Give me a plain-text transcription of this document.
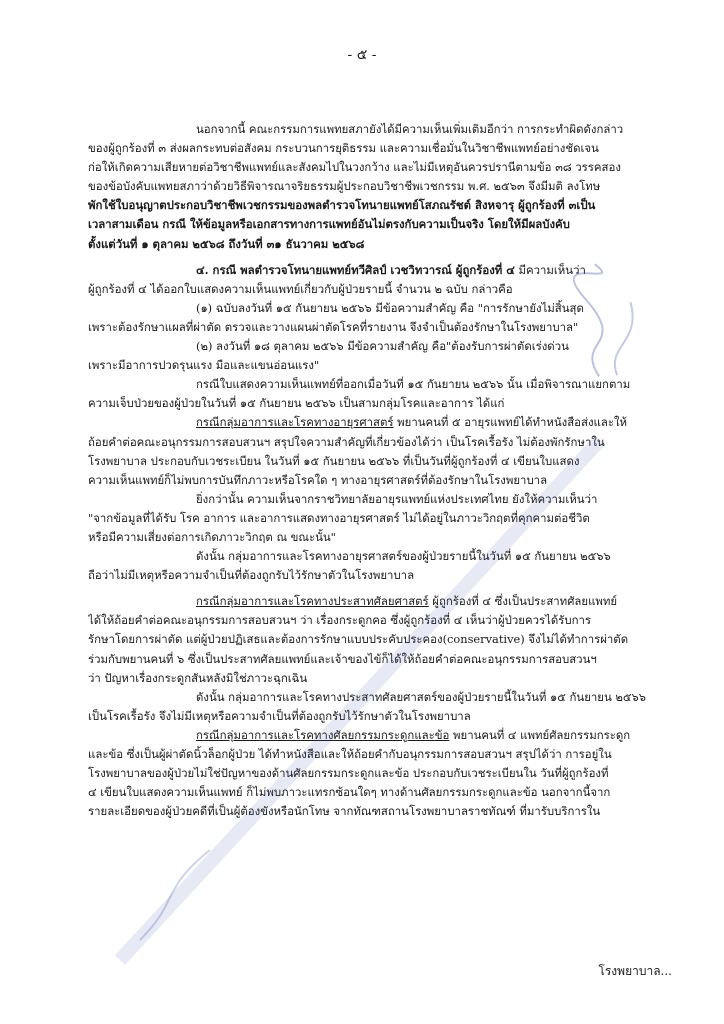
- ๕ -
นอกจากนี้ คณะกรรมการแพทยสภายังได้มีความเห็นเพิ่มเติมอีกว่า การกระทำผิดดังกล่าว
ของผู้ถูกร้องที่ ๓ ส่งผลกระทบต่อสังคม กระบวนการยุติธรรม และความเชื่อมั่นในวิชาชีพแพทย์อย่างชัดเจน
ก่อให้เกิดความเสียหายต่อวิชาชีพแพทย์และสังคมไปในวงกว้าง และไม่มีเหตุอันควรปรานีตามข้อ ๓๘ วรรคสอง
ของข้อบังคับแพทยสภาว่าด้วยวิธีพิจารณาจริยธรรมผู้ประกอบวิชาชีพเวชกรรม พ.ศ. ๒๕๖๓ จึงมีมติ ลงโทษ
พักใช้ใบอนุญาตประกอบวิชาชีพเวชกรรมของพลตำรวจโทนายแพทย์โสภณรัชต์ สิงหจารุ ผู้ถูกร้องที่ ๓เป็น
เวลาสามเดือน กรณี ให้ข้อมูลหรือเอกสารทางการแพทย์อันไม่ตรงกับความเป็นจริง โดยให้มีผลบังคับ
ตั้งแต่วันที่ ๑ ตุลาคม ๒๕๖๘ ถึงวันที่ ๓๑ ธันวาคม ๒๕๖๘
๔. กรณี พลตำรวจโทนายแพทย์ทวีศิลป์ เวชวิทวารณ์ ผู้ถูกร้องที่ ๔ มีความเห็นว่า
ผู้ถูกร้องที่ ๔ ได้ออกใบแสดงความเห็นแพทย์เกี่ยวกับผู้ป่วยรายนี้ จำนวน ๒ ฉบับ กล่าวคือ
(๑) ฉบับลงวันที่ ๑๕ กันยายน ๒๕๖๖ มีข้อความสำคัญ คือ "การรักษายังไม่สิ้นสุด
เพราะต้องรักษาแผลที่ผ่าตัด ตรวจและวางแผนผ่าตัดโรคที่รายงาน จึงจำเป็นต้องรักษาในโรงพยาบาล"
(๒) ลงวันที่ ๑๘ ตุลาคม ๒๕๖๖ มีข้อความสำคัญ คือ"ต้องรับการผ่าตัดเร่งด่วน
เพราะมีอาการปวดรุนแรง มือและแขนอ่อนแรง"
กรณีใบแสดงความเห็นแพทย์ที่ออกเมื่อวันที่ ๑๕ กันยายน ๒๕๖๖ นั้น เมื่อพิจารณาแยกตาม
ความเจ็บป่วยของผู้ป่วยในวันที่ ๑๕ กันยายน ๒๕๖๖ เป็นสามกลุ่มโรคและอาการ ได้แก่
กรณีกลุ่มอาการและโรคทางอายุรศาสตร์ พยานคนที่ ๕ อายุรแพทย์ได้ทำหนังสือส่งและให้
ถ้อยคำต่อคณะอนุกรรมการสอบสวนฯ สรุปใจความสำคัญที่เกี่ยวข้องได้ว่า เป็นโรคเรื้อรัง ไม่ต้องพักรักษาใน
โรงพยาบาล ประกอบกับเวชระเบียน ในวันที่ ๑๕ กันยายน ๒๕๖๖ ที่เป็นวันที่ผู้ถูกร้องที่ ๔ เขียนใบแสดง
ความเห็นแพทย์ก็ไม่พบการบันทึกภาวะหรือโรคใด ๆ ทางอายุรศาสตร์ที่ต้องรักษาในโรงพยาบาล
ยิ่งกว่านั้น ความเห็นจากราชวิทยาลัยอายุรแพทย์แห่งประเทศไทย ยังให้ความเห็นว่า
"จากข้อมูลที่ได้รับ โรค อาการ และอาการแสดงทางอายุรศาสตร์ ไม่ได้อยู่ในภาวะวิกฤตที่คุกคามต่อชีวิต
หรือมีความเสี่ยงต่อการเกิดภาวะวิกฤต ณ ขณะนั้น"
ดังนั้น กลุ่มอาการและโรคทางอายุรศาสตร์ของผู้ป่วยรายนี้ในวันที่ ๑๕ กันยายน ๒๕๖๖
ถือว่าไม่มีเหตุหรือความจำเป็นที่ต้องถูกรับไว้รักษาตัวในโรงพยาบาล
กรณีกลุ่มอาการและโรคทางประสาทศัลยศาสตร์ ผู้ถูกร้องที่ ๔ ซึ่งเป็นประสาทศัลยแพทย์
ได้ให้ถ้อยคำต่อคณะอนุกรรมการสอบสวนฯ ว่า เรื่องกระดูกคอ ซึ่งผู้ถูกร้องที่ ๔ เห็นว่าผู้ป่วยควรได้รับการ
รักษาโดยการผ่าตัด แต่ผู้ป่วยปฏิเสธและต้องการรักษาแบบประคับประคอง(conservative) จึงไม่ได้ทำการผ่าตัด
ร่วมกับพยานคนที่ ๖ ซึ่งเป็นประสาทศัลยแพทย์และเจ้าของไข้ก็ได้ให้ถ้อยคำต่อคณะอนุกรรมการสอบสวนฯ
ว่า ปัญหาเรื่องกระดูกสันหลังมิใช่ภาวะฉุกเฉิน
ดังนั้น กลุ่มอาการและโรคทางประสาทศัลยศาสตร์ของผู้ป่วยรายนี้ในวันที่ ๑๕ กันยายน ๒๕๖๖
เป็นโรคเรื้อรัง จึงไม่มีเหตุหรือความจำเป็นที่ต้องถูกรับไว้รักษาตัวในโรงพยาบาล
กรณีกลุ่มอาการและโรคทางศัลยกรรมกระดูกและข้อ พยานคนที่ ๔ แพทย์ศัลยกรรมกระดูก
และข้อ ซึ่งเป็นผู้ผ่าตัดนิ้วล็อกผู้ป่วย ได้ทำหนังสือและให้ถ้อยคำกับอนุกรรมการสอบสวนฯ สรุปได้ว่า การอยู่ใน
โรงพยาบาลของผู้ป่วยไม่ใช่ปัญหาของด้านศัลยกรรมกระดูกและข้อ ประกอบกับเวชระเบียนใน วันที่ผู้ถูกร้องที่
๔ เขียนใบแสดงความเห็นแพทย์ ก็ไม่พบภาวะแทรกซ้อนใดๆ ทางด้านศัลยกรรมกระดูกและข้อ นอกจากนี้จาก
รายละเอียดของผู้ป่วยคดีที่เป็นผู้ต้องขังหรือนักโทษ จากทัณฑสถานโรงพยาบาลราชทัณฑ์ ที่มารับบริการใน
โรงพยาบาล...
